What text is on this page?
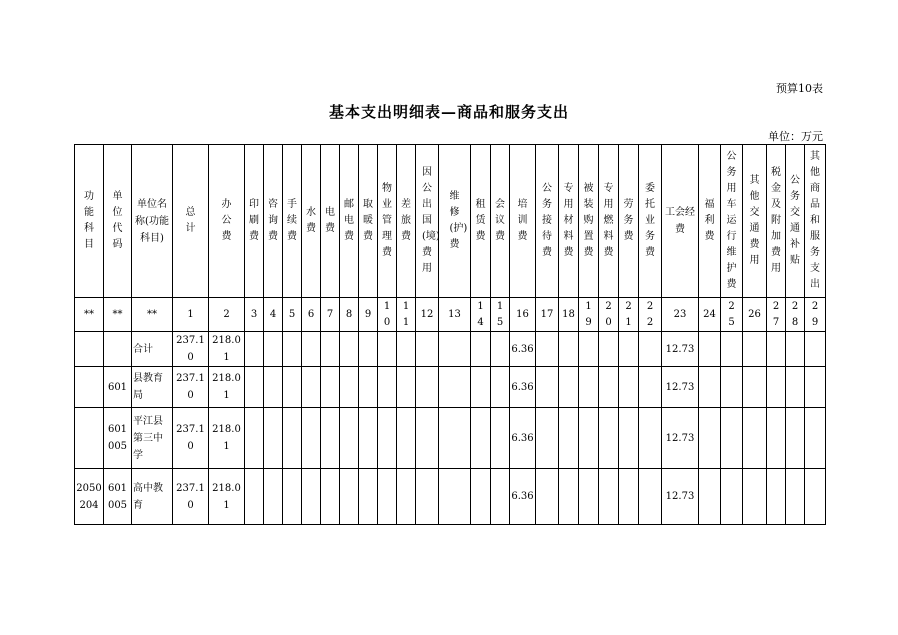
预算10表
基本支出明细表—商品和服务支出
单位：万元
功能科目	单位代码	单位名称(功能科目)	总计	办公费	印刷费	咨询费	手续费	水费	电费	邮电费	取暖费	物业管理费	差旅费	因公出国(境)费用	维修(护)费	租赁费	会议费	培训费	公务接待费	专用材料费	被装购置费	专用燃料费	劳务费	委托业务费	工会经费	福利费	公务用车运行维护费	其他交通费用	税金及附加费用	公务交通补贴	其他商品和服务支出
**	**	**	1	2	3	4	5	6	7	8	9	10	11	12	13	14	15	16	17	18	19	20	21	22	23	24	25	26	27	28	29
		合计	237.10	218.01														6.36							12.73						
	601	县教育局	237.10	218.01														6.36							12.73						
	601005	平江县第三中学	237.10	218.01														6.36							12.73						
2050204	601005	高中教育	237.10	218.01														6.36							12.73						
